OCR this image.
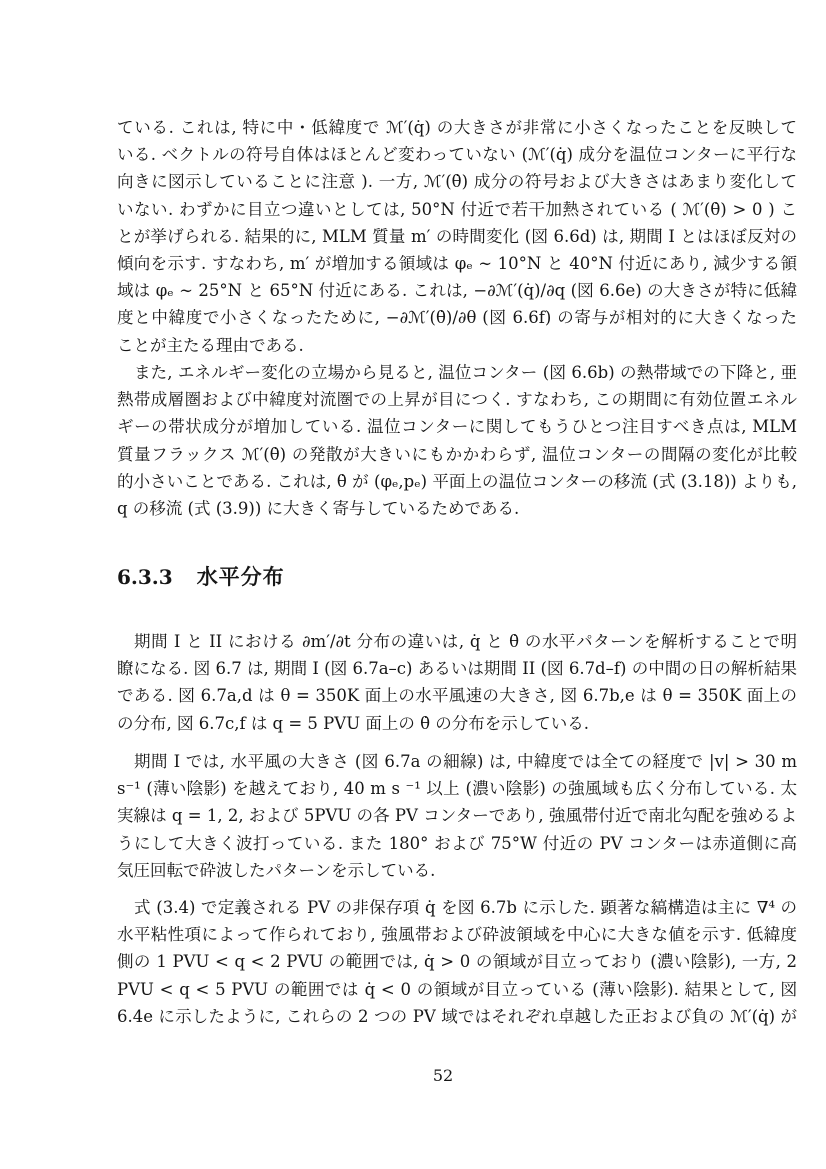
ている. これは, 特に中・低緯度で ℳ′(q̇) の大きさが非常に小さくなったことを反映して
いる. ベクトルの符号自体はほとんど変わっていない (ℳ′(q̇) 成分を温位コンターに平行な
向きに図示していることに注意 ). 一方, ℳ′(θ̇) 成分の符号および大きさはあまり変化して
いない. わずかに目立つ違いとしては, 50°N 付近で若干加熱されている ( ℳ′(θ̇) > 0 ) こ
とが挙げられる. 結果的に, MLM 質量 m′ の時間変化 (図 6.6d) は, 期間 I とはほぼ反対の
傾向を示す. すなわち, m′ が増加する領域は φₑ ∼ 10°N と 40°N 付近にあり, 減少する領
域は φₑ ∼ 25°N と 65°N 付近にある. これは, −∂ℳ′(q̇)/∂q (図 6.6e) の大きさが特に低緯
度と中緯度で小さくなったために, −∂ℳ′(θ̇)/∂θ (図 6.6f) の寄与が相対的に大きくなった
ことが主たる理由である.
また, エネルギー変化の立場から見ると, 温位コンター (図 6.6b) の熱帯域での下降と, 亜
熱帯成層圏および中緯度対流圏での上昇が目につく. すなわち, この期間に有効位置エネル
ギーの帯状成分が増加している. 温位コンターに関してもうひとつ注目すべき点は, MLM
質量フラックス ℳ′(θ̇) の発散が大きいにもかかわらず, 温位コンターの間隔の変化が比較
的小さいことである. これは, θ̇ が (φₑ,pₑ) 平面上の温位コンターの移流 (式 (3.18)) よりも,
q の移流 (式 (3.9)) に大きく寄与しているためである.
6.3.3 水平分布
期間 I と II における ∂m′/∂t 分布の違いは, q̇ と θ̇ の水平パターンを解析することで明
瞭になる. 図 6.7 は, 期間 I (図 6.7a–c) あるいは期間 II (図 6.7d–f) の中間の日の解析結果
である. 図 6.7a,d は θ = 350K 面上の水平風速の大きさ, 図 6.7b,e は θ = 350K 面上の
の分布, 図 6.7c,f は q = 5 PVU 面上の θ̇ の分布を示している.
期間 I では, 水平風の大きさ (図 6.7a の細線) は, 中緯度では全ての経度で |v| > 30 m
s⁻¹ (薄い陰影) を越えており, 40 m s ⁻¹ 以上 (濃い陰影) の強風域も広く分布している. 太
実線は q = 1, 2, および 5PVU の各 PV コンターであり, 強風帯付近で南北勾配を強めるよ
うにして大きく波打っている. また 180° および 75°W 付近の PV コンターは赤道側に高
気圧回転で砕波したパターンを示している.
式 (3.4) で定義される PV の非保存項 q̇ を図 6.7b に示した. 顕著な縞構造は主に ∇⁴ の
水平粘性項によって作られており, 強風帯および砕波領域を中心に大きな値を示す. 低緯度
側の 1 PVU < q < 2 PVU の範囲では, q̇ > 0 の領域が目立っており (濃い陰影), 一方, 2
PVU < q < 5 PVU の範囲では q̇ < 0 の領域が目立っている (薄い陰影). 結果として, 図
6.4e に示したように, これらの 2 つの PV 域ではそれぞれ卓越した正および負の ℳ′(q̇) が
52
